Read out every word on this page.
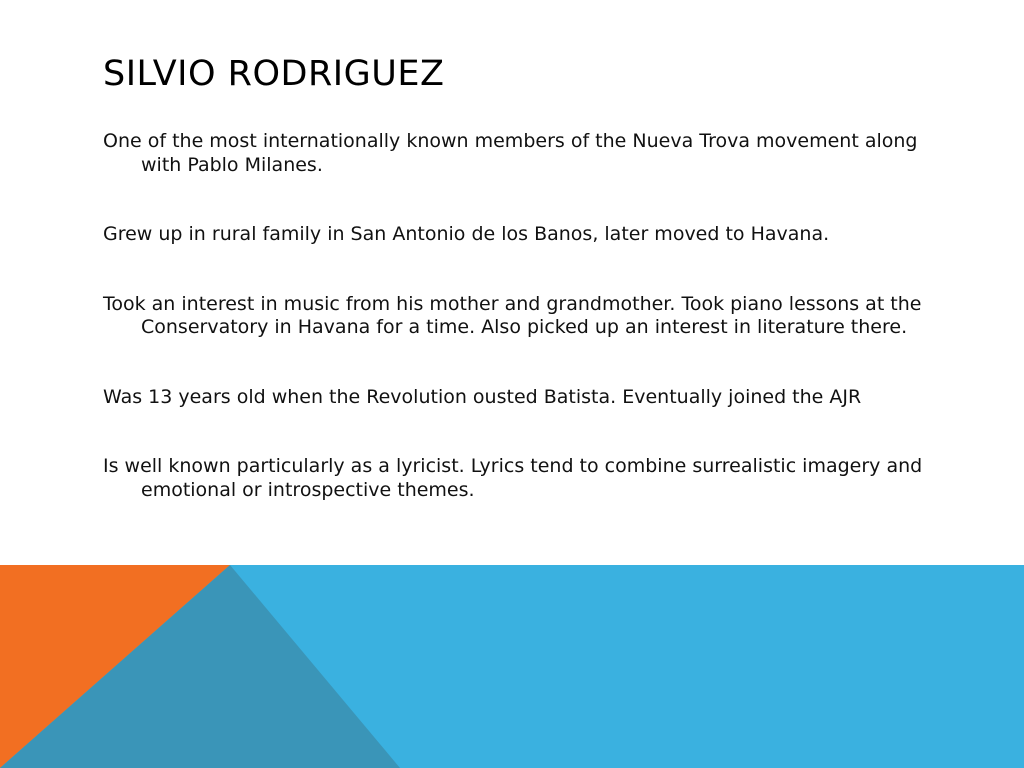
SILVIO RODRIGUEZ
One of the most internationally known members of the Nueva Trova movement along with Pablo Milanes.
Grew up in rural family in San Antonio de los Banos, later moved to Havana.
Took an interest in music from his mother and grandmother. Took piano lessons at the Conservatory in Havana for a time. Also picked up an interest in literature there.
Was 13 years old when the Revolution ousted Batista. Eventually joined the AJR
Is well known particularly as a lyricist. Lyrics tend to combine surrealistic imagery and emotional or introspective themes.
